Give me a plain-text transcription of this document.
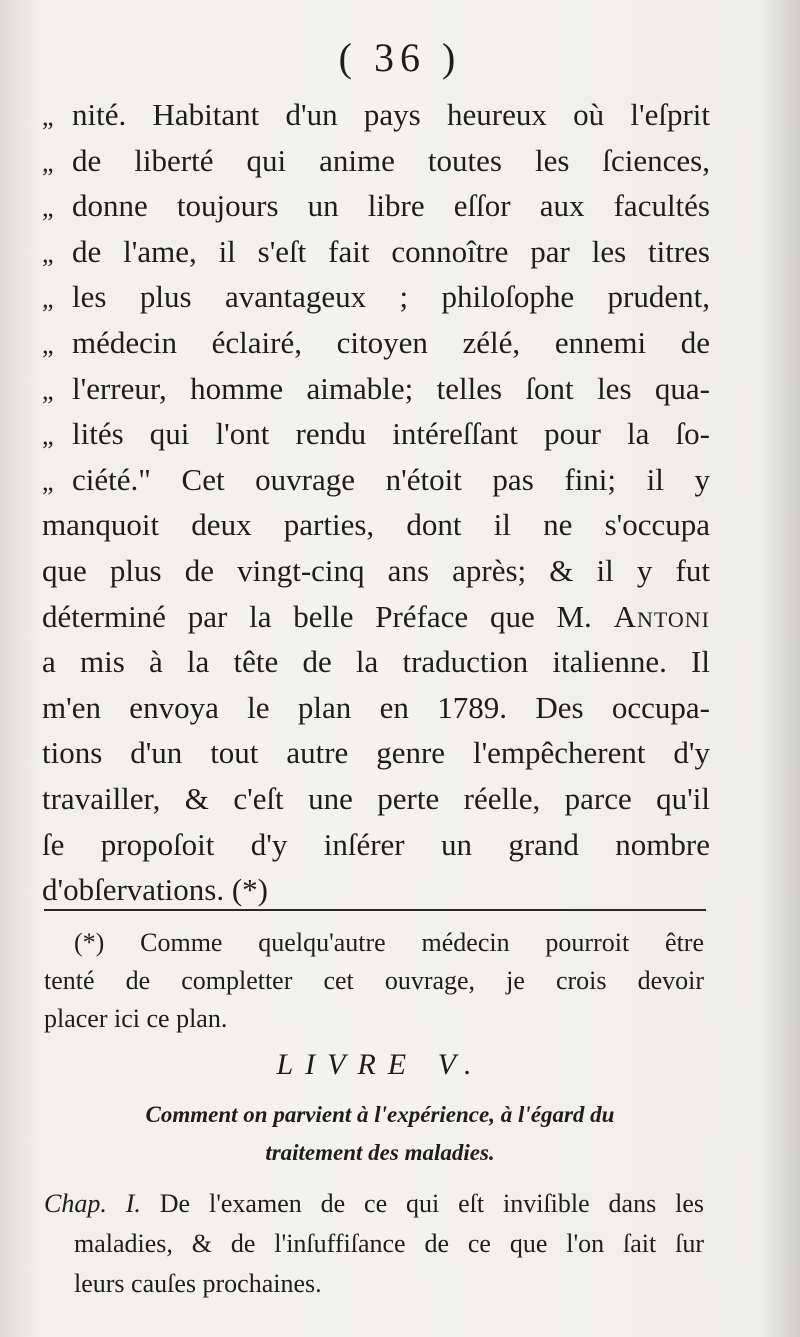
( 36 )
„ nité. Habitant d'un pays heureux où l'eſprit
„ de liberté qui anime toutes les ſciences,
„ donne toujours un libre eſſor aux facultés
„ de l'ame, il s'eſt fait connoître par les titres
„ les plus avantageux ; philoſophe prudent,
„ médecin éclairé, citoyen zélé, ennemi de
„ l'erreur, homme aimable; telles ſont les qua-
„ lités qui l'ont rendu intéreſſant pour la ſo-
„ ciété." Cet ouvrage n'étoit pas fini; il y
manquoit deux parties, dont il ne s'occupa
que plus de vingt-cinq ans après; & il y fut
déterminé par la belle Préface que M. Antoni
a mis à la tête de la traduction italienne. Il
m'en envoya le plan en 1789. Des occupa-
tions d'un tout autre genre l'empêcherent d'y
travailler, & c'eſt une perte réelle, parce qu'il
ſe propoſoit d'y inſérer un grand nombre
d'obſervations. (*)
(*) Comme quelqu'autre médecin pourroit être
tenté de completter cet ouvrage, je crois devoir
placer ici ce plan.
LIVRE V.
Comment on parvient à l'expérience, à l'égard du
traitement des maladies.
Chap. I. De l'examen de ce qui eſt inviſible dans les
maladies, & de l'inſuffiſance de ce que l'on ſait ſur
leurs cauſes prochaines.
